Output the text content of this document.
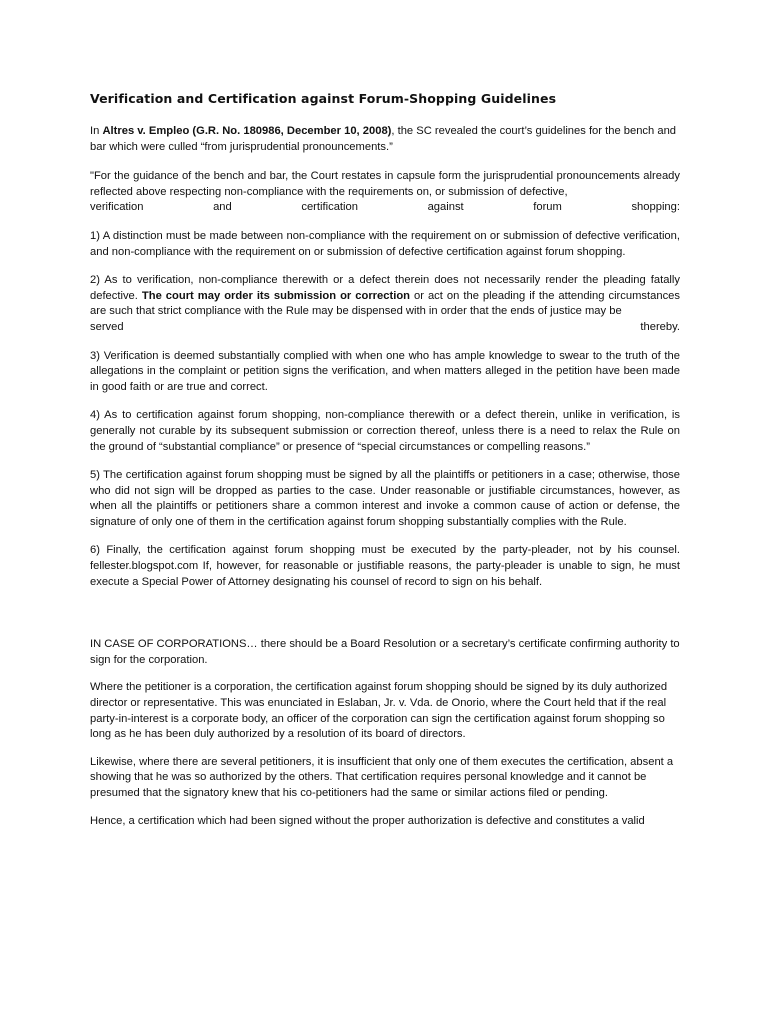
Verification and Certification against Forum-Shopping Guidelines

In Altres v. Empleo (G.R. No. 180986, December 10, 2008), the SC revealed the court’s guidelines for the bench and bar which were culled “from jurisprudential pronouncements.”

"For the guidance of the bench and bar, the Court restates in capsule form the jurisprudential pronouncements already reflected above respecting non-compliance with the requirements on, or submission of defective,

verification and certification against forum shopping:

1) A distinction must be made between non-compliance with the requirement on or submission of defective verification, and non-compliance with the requirement on or submission of defective certification against forum shopping.

2) As to verification, non-compliance therewith or a defect therein does not necessarily render the pleading fatally defective. The court may order its submission or correction or act on the pleading if the attending circumstances are such that strict compliance with the Rule may be dispensed with in order that the ends of justice may be

served thereby.

3) Verification is deemed substantially complied with when one who has ample knowledge to swear to the truth of the allegations in the complaint or petition signs the verification, and when matters alleged in the petition have been made in good faith or are true and correct.

4) As to certification against forum shopping, non-compliance therewith or a defect therein, unlike in verification, is generally not curable by its subsequent submission or correction thereof, unless there is a need to relax the Rule on the ground of “substantial compliance” or presence of “special circumstances or compelling reasons.”

5) The certification against forum shopping must be signed by all the plaintiffs or petitioners in a case; otherwise, those who did not sign will be dropped as parties to the case. Under reasonable or justifiable circumstances, however, as when all the plaintiffs or petitioners share a common interest and invoke a common cause of action or defense, the signature of only one of them in the certification against forum shopping substantially complies with the Rule.

6) Finally, the certification against forum shopping must be executed by the party-pleader, not by his counsel. fellester.blogspot.com If, however, for reasonable or justifiable reasons, the party-pleader is unable to sign, he must execute a Special Power of Attorney designating his counsel of record to sign on his behalf.

IN CASE OF CORPORATIONS… there should be a Board Resolution or a secretary’s certificate confirming authority to sign for the corporation.

Where the petitioner is a corporation, the certification against forum shopping should be signed by its duly authorized director or representative. This was enunciated in Eslaban, Jr. v. Vda. de Onorio, where the Court held that if the real party-in-interest is a corporate body, an officer of the corporation can sign the certification against forum shopping so long as he has been duly authorized by a resolution of its board of directors.

Likewise, where there are several petitioners, it is insufficient that only one of them executes the certification, absent a showing that he was so authorized by the others. That certification requires personal knowledge and it cannot be presumed that the signatory knew that his co-petitioners had the same or similar actions filed or pending.

Hence, a certification which had been signed without the proper authorization is defective and constitutes a valid
